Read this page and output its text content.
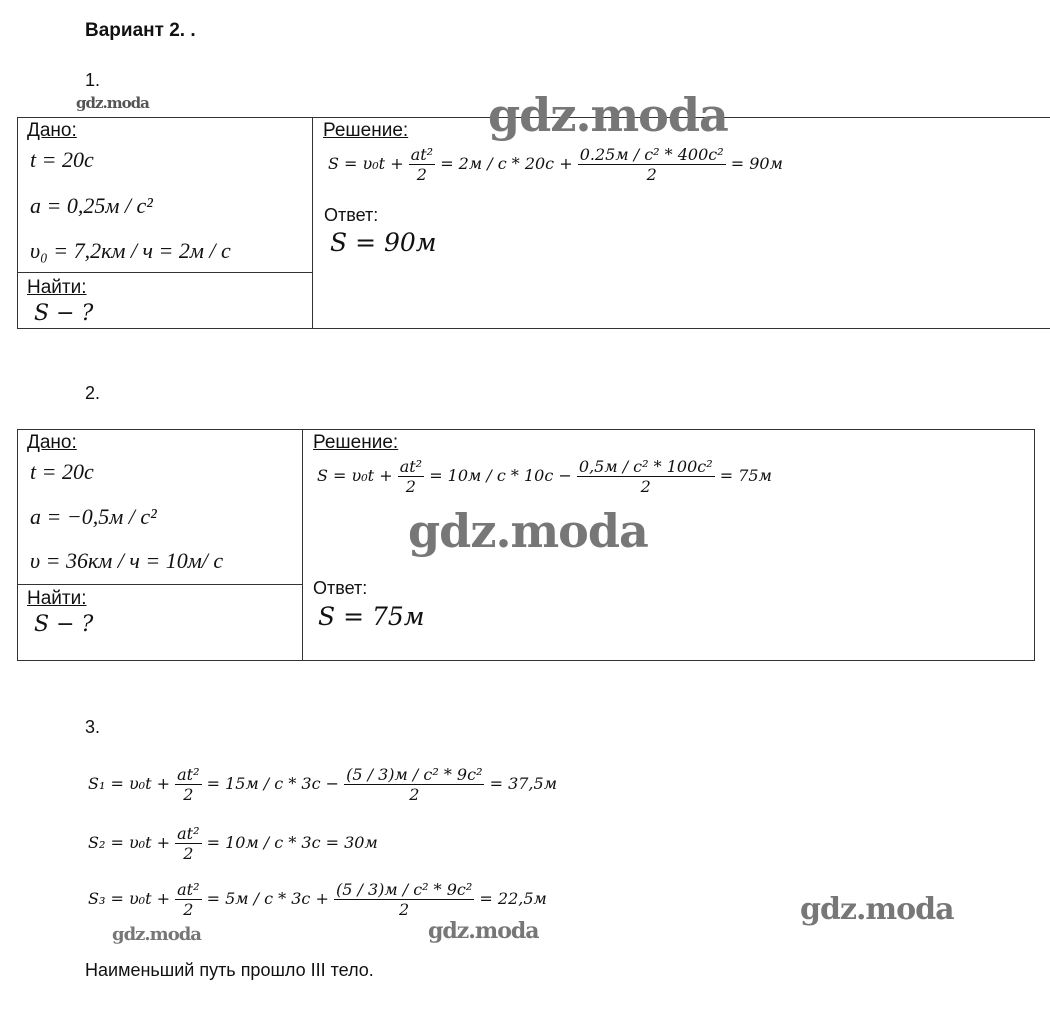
Вариант 2. .
1.
gdz.moda
Дано:
t = 20с
a = 0,25м / с²
υ₀ = 7,2км / ч = 2м / с
Найти:
S − ?
Решение:
$S = \upsilon_0t + \frac{\text{at²}}{2} = 2м / с * 20с + \frac{\text{0.25м / с² * 400с²}}{2} = 90м$
Ответ:
S = 90м
gdz.moda
2.
Дано:
t = 20с
a = −0,5м / с²
υ = 36км / ч = 10м/ с
Найти:
S − ?
Решение:
$S = \upsilon_0t + \frac{\text{at²}}{2} = 10м / с * 10с - \frac{\text{0,5м / с² * 100с²}}{2} = 75м$
gdz.moda
Ответ:
S = 75м
3.
$S_1 = \upsilon_0t + \frac{\text{at²}}{2} = 15м / с * 3с - \frac{\text{(5 / 3)м / с² * 9с²}}{2} = 37,5м$
$S_2 = \upsilon_0t + \frac{\text{at²}}{2} = 10м / с * 3с = 30м$
$S_3 = \upsilon_0t + \frac{\text{at²}}{2} = 5м / с * 3с + \frac{\text{(5 / 3)м / с² * 9с²}}{2} = 22,5м$
gdz.moda	gdz.moda
gdz.moda
Наименьший путь прошло III тело.
